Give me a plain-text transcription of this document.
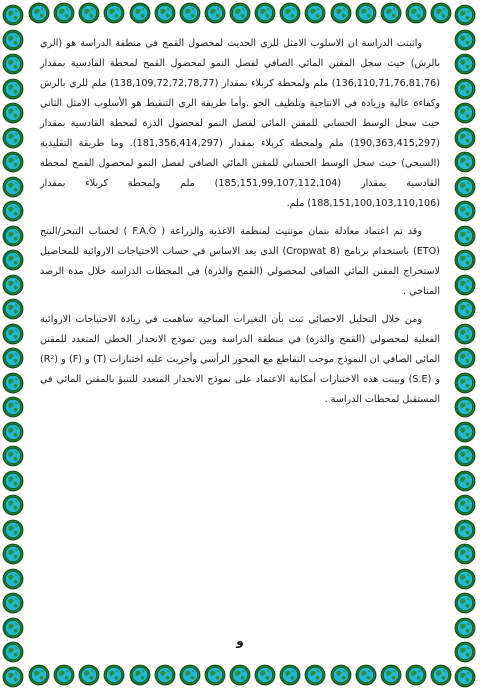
واثبتت الدراسة ان الاسلوب الامثل للري الحديث لمحصول القمح في منطقة الدراسة هو (الري بالرش) حيث سجل المقنن المائي الصافي لفصل النمو لمحصول القمح لمحطة القادسية بمقدار (136,110,71,76,81,76) ملم ولمحطة كربلاء بمقدار (138,109,72,72,78,77) ملم للري بالرش وكفاءة عالية وزيادة في الانتاجية وتلطيف الجو .وأما طريقة الري التنقيط هو الأسلوب الامثل الثاني حيث سجل الوسط الحسابي للمقنن المائي لفصل النمو لمحصول الذرة لمحطة القادسية بمقدار (190,363,415,297) ملم ولمحطة كربلاء بمقدار (181,356,414,297). وما طريقة التقليدية (السيحي) حيث سجل الوسط الحسابي للمقنن المائي الصافي لفصل النمو لمحصول القمح لمحطة القادسية بمقدار (185,151,99,107,112,104) ملم ولمحطة كربلاء بمقدار (188,151,100,103,110,106) ملم.

وقد تم اعتماد معادلة بنمان مونتيث لمنظمة الاغذية والزراعة ( F.A.O ) لحساب التبخر/النتح (ETO) باستخدام برنامج (Cropwat 8) الذي يعد الاساس في حساب الاحتياجات الاروائية للمحاصيل لاستخراج المقنن المائي الصافي لمحصولي (القمح والذرة) في المحطات الدراسه خلال مدة الرصد المناخي .

ومن خلال التحليل الاحصائي ثبت بأن التغيرات المناخية ساهمت في زيادة الاحتياجات الاروائية الفعلية لمحصولي (القمح والذرة) في منطقة الدراسة وبين نموذج الانحدار الخطي المتعدد للمقنن المائي الصافي ان النموذج موجب التقاطع مع المحور الرأسي وأجريت عليه اختبارات (T) و (F) و (R²) و (S.E) وبينت هذه الاختبارات أمكانية الاعتماد على نموذج الانحدار المتعدد للتنبؤ بالمقنن المائي في المستقبل لمحطات الدراسة .

و
